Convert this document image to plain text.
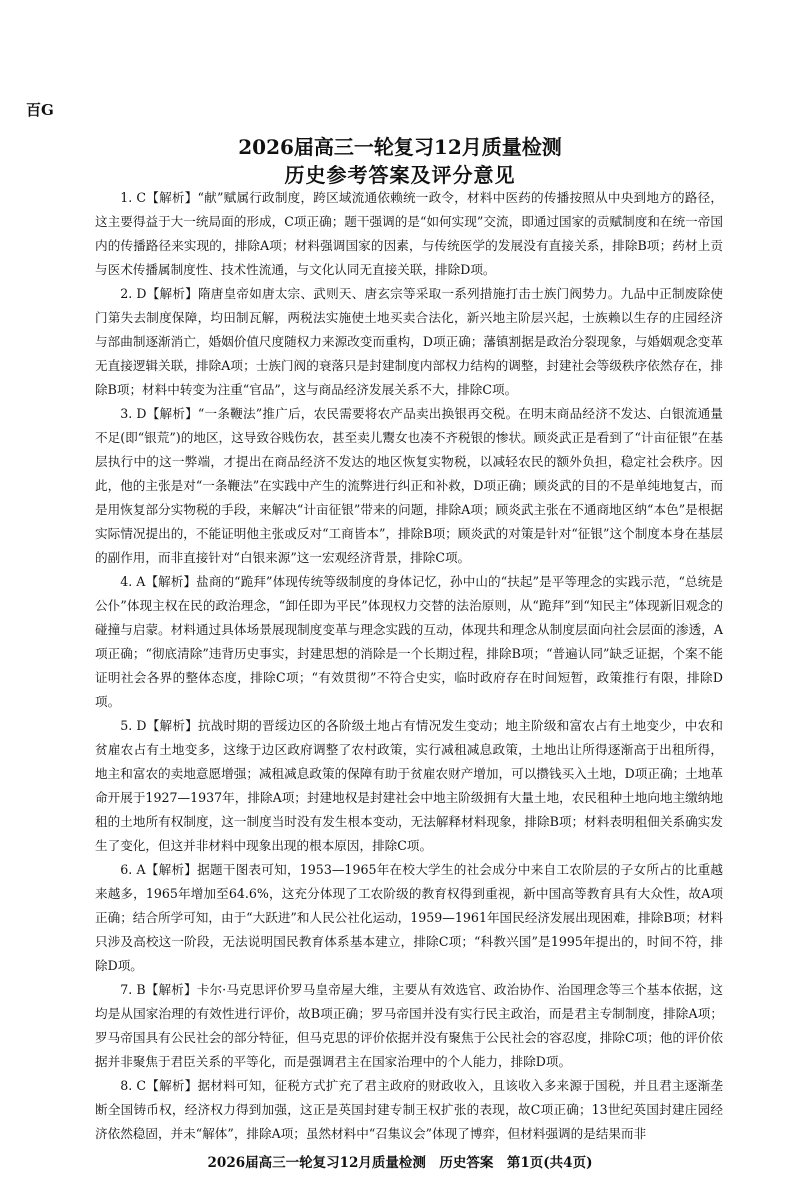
百G
2026届高三一轮复习12月质量检测
历史参考答案及评分意见

1. C【解析】“献”赋属行政制度，跨区域流通依赖统一政令，材料中医药的传播按照从中央到地方的路径，这主要得益于大一统局面的形成，C项正确；题干强调的是“如何实现”交流，即通过国家的贡赋制度和在统一帝国内的传播路径来实现的，排除A项；材料强调国家的因素，与传统医学的发展没有直接关系，排除B项；药材上贡与医术传播属制度性、技术性流通，与文化认同无直接关联，排除D项。

2. D【解析】隋唐皇帝如唐太宗、武则天、唐玄宗等采取一系列措施打击士族门阀势力。九品中正制废除使门第失去制度保障，均田制瓦解，两税法实施使土地买卖合法化，新兴地主阶层兴起，士族赖以生存的庄园经济与部曲制逐渐消亡，婚姻价值尺度随权力来源改变而重构，D项正确；藩镇割据是政治分裂现象，与婚姻观念变革无直接逻辑关联，排除A项；士族门阀的衰落只是封建制度内部权力结构的调整，封建社会等级秩序依然存在，排除B项；材料中转变为注重“官品”，这与商品经济发展关系不大，排除C项。

3. D【解析】“一条鞭法”推广后，农民需要将农产品卖出换银再交税。在明末商品经济不发达、白银流通量不足(即“银荒”)的地区，这导致谷贱伤农，甚至卖儿鬻女也凑不齐税银的惨状。顾炎武正是看到了“计亩征银”在基层执行中的这一弊端，才提出在商品经济不发达的地区恢复实物税，以减轻农民的额外负担，稳定社会秩序。因此，他的主张是对“一条鞭法”在实践中产生的流弊进行纠正和补救，D项正确；顾炎武的目的不是单纯地复古，而是用恢复部分实物税的手段，来解决“计亩征银”带来的问题，排除A项；顾炎武主张在不通商地区纳“本色”是根据实际情况提出的，不能证明他主张或反对“工商皆本”，排除B项；顾炎武的对策是针对“征银”这个制度本身在基层的副作用，而非直接针对“白银来源”这一宏观经济背景，排除C项。

4. A【解析】盐商的“跪拜”体现传统等级制度的身体记忆，孙中山的“扶起”是平等理念的实践示范，“总统是公仆”体现主权在民的政治理念，“卸任即为平民”体现权力交替的法治原则，从“跪拜”到“知民主”体现新旧观念的碰撞与启蒙。材料通过具体场景展现制度变革与理念实践的互动，体现共和理念从制度层面向社会层面的渗透，A项正确；“彻底清除”违背历史事实，封建思想的消除是一个长期过程，排除B项；“普遍认同”缺乏证据，个案不能证明社会各界的整体态度，排除C项；“有效贯彻”不符合史实，临时政府存在时间短暂，政策推行有限，排除D项。

5. D【解析】抗战时期的晋绥边区的各阶级土地占有情况发生变动；地主阶级和富农占有土地变少，中农和贫雇农占有土地变多，这缘于边区政府调整了农村政策，实行减租减息政策，土地出让所得逐渐高于出租所得，地主和富农的卖地意愿增强；减租减息政策的保障有助于贫雇农财产增加，可以攒钱买入土地，D项正确；土地革命开展于1927—1937年，排除A项；封建地权是封建社会中地主阶级拥有大量土地，农民租种土地向地主缴纳地租的土地所有权制度，这一制度当时没有发生根本变动，无法解释材料现象，排除B项；材料表明租佃关系确实发生了变化，但这并非材料中现象出现的根本原因，排除C项。

6. A【解析】据题干图表可知，1953—1965年在校大学生的社会成分中来自工农阶层的子女所占的比重越来越多，1965年增加至64.6%，这充分体现了工农阶级的教育权得到重视，新中国高等教育具有大众性，故A项正确；结合所学可知，由于“大跃进”和人民公社化运动，1959—1961年国民经济发展出现困难，排除B项；材料只涉及高校这一阶段，无法说明国民教育体系基本建立，排除C项；“科教兴国”是1995年提出的，时间不符，排除D项。

7. B【解析】卡尔·马克思评价罗马皇帝屋大维，主要从有效选官、政治协作、治国理念等三个基本依据，这均是从国家治理的有效性进行评价，故B项正确；罗马帝国并没有实行民主政治，而是君主专制制度，排除A项；罗马帝国具有公民社会的部分特征，但马克思的评价依据并没有聚焦于公民社会的容忍度，排除C项；他的评价依据并非聚焦于君臣关系的平等化，而是强调君主在国家治理中的个人能力，排除D项。

8. C【解析】据材料可知，征税方式扩充了君主政府的财政收入，且该收入多来源于国税，并且君主逐渐垄断全国铸币权，经济权力得到加强，这正是英国封建专制王权扩张的表现，故C项正确；13世纪英国封建庄园经济依然稳固，并未“解体”，排除A项；虽然材料中“召集议会”体现了博弈，但材料强调的是结果而非

2026届高三一轮复习12月质量检测　历史答案　第1页(共4页)
